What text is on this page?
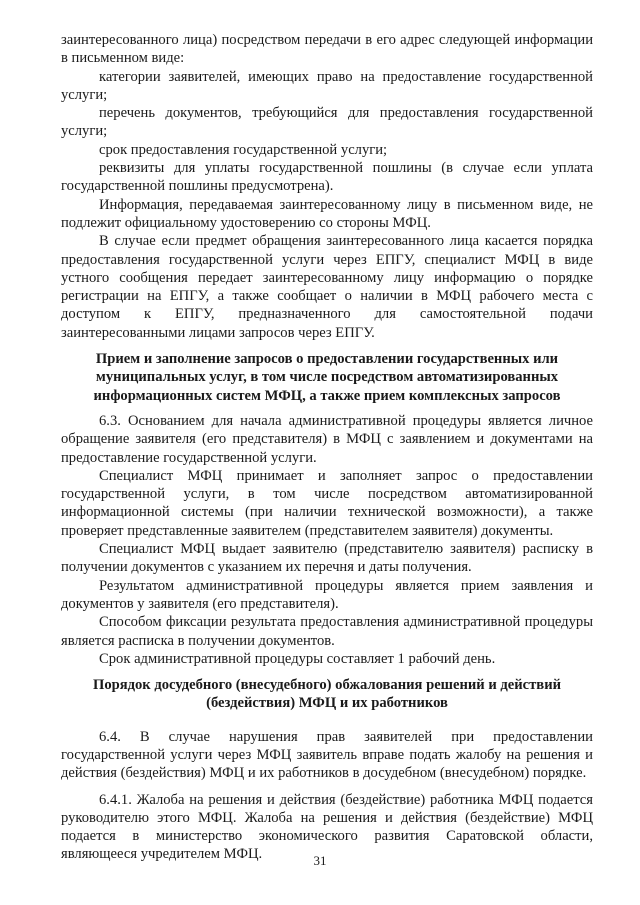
заинтересованного лица) посредством передачи в его адрес следующей информации в письменном виде:

категории заявителей, имеющих право на предоставление государственной услуги;

перечень документов, требующийся для предоставления государственной услуги;

срок предоставления государственной услуги;

реквизиты для уплаты государственной пошлины (в случае если уплата государственной пошлины предусмотрена).

Информация, передаваемая заинтересованному лицу в письменном виде, не подлежит официальному удостоверению со стороны МФЦ.

В случае если предмет обращения заинтересованного лица касается порядка предоставления государственной услуги через ЕПГУ, специалист МФЦ в виде устного сообщения передает заинтересованному лицу информацию о порядке регистрации на ЕПГУ, а также сообщает о наличии в МФЦ рабочего места с доступом к ЕПГУ, предназначенного для самостоятельной подачи заинтересованными лицами запросов через ЕПГУ.

Прием и заполнение запросов о предоставлении государственных или муниципальных услуг, в том числе посредством автоматизированных информационных систем МФЦ, а также прием комплексных запросов

6.3. Основанием для начала административной процедуры является личное обращение заявителя (его представителя) в МФЦ с заявлением и документами на предоставление государственной услуги.

Специалист МФЦ принимает и заполняет запрос о предоставлении государственной услуги, в том числе посредством автоматизированной информационной системы (при наличии технической возможности), а также проверяет представленные заявителем (представителем заявителя) документы.

Специалист МФЦ выдает заявителю (представителю заявителя) расписку в получении документов с указанием их перечня и даты получения.

Результатом административной процедуры является прием заявления и документов у заявителя (его представителя).

Способом фиксации результата предоставления административной процедуры является расписка в получении документов.

Срок административной процедуры составляет 1 рабочий день.

Порядок досудебного (внесудебного) обжалования решений и действий (бездействия) МФЦ и их работников

6.4. В случае нарушения прав заявителей при предоставлении государственной услуги через МФЦ заявитель вправе подать жалобу на решения и действия (бездействия) МФЦ и их работников в досудебном (внесудебном) порядке.

6.4.1. Жалоба на решения и действия (бездействие) работника МФЦ подается руководителю этого МФЦ. Жалоба на решения и действия (бездействие) МФЦ подается в министерство экономического развития Саратовской области, являющееся учредителем МФЦ.	31
